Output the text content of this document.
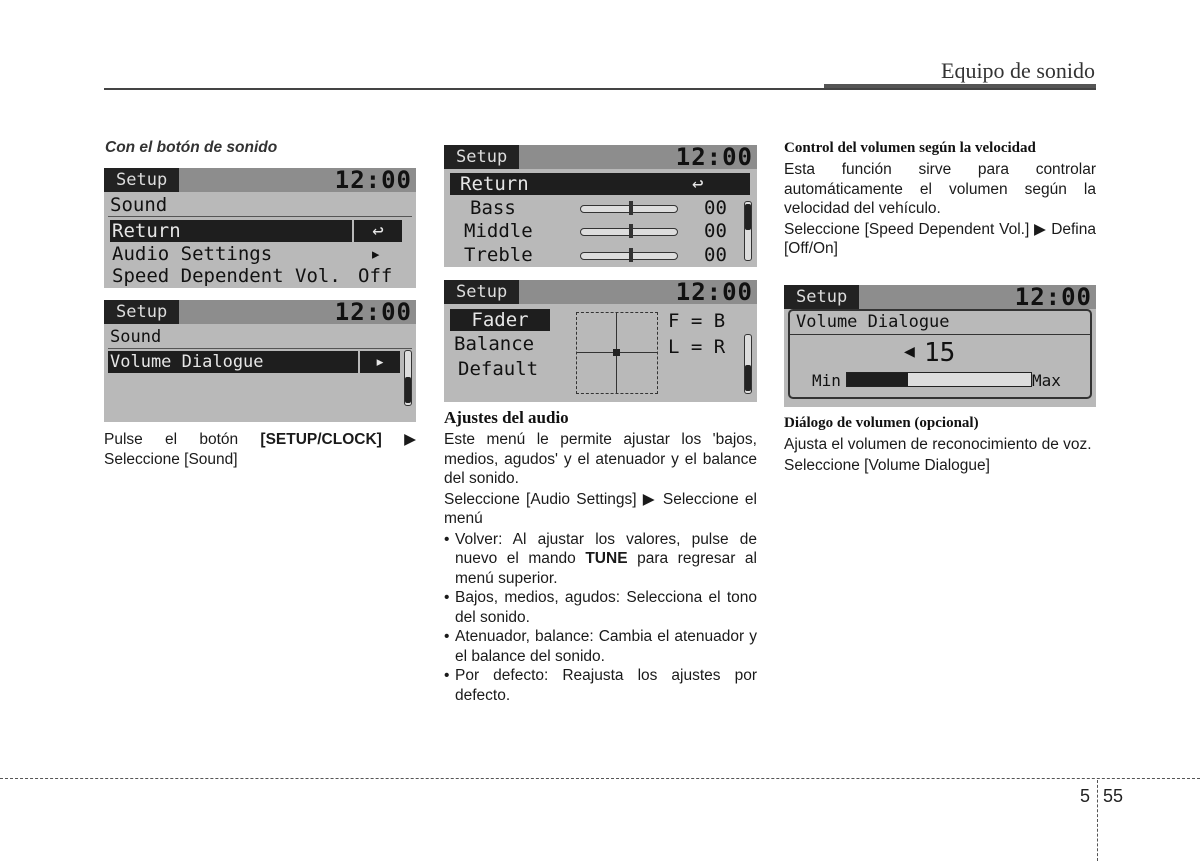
Equipo de sonido
Con el botón de sonido
Setup	12:00
Sound
Return	↩
Audio Settings	▸
Speed Dependent Vol. Off
Setup	12:00
Sound
Volume Dialogue	▸
Pulse el botón [SETUP/CLOCK] ▶ Seleccione [Sound]
Setup	12:00
Return	↩
Bass	00
Middle	00
Treble	00
Setup	12:00
Fader
Balance
Default
F = B
L = R
Ajustes del audio

Este menú le permite ajustar los 'bajos, medios, agudos' y el atenuador y el balance del sonido.

Seleccione [Audio Settings] ▶ Seleccione el menú

• Volver: Al ajustar los valores, pulse de nuevo el mando TUNE para regresar al menú superior.
• Bajos, medios, agudos: Selecciona el tono del sonido.
• Atenuador, balance: Cambia el atenuador y el balance del sonido.
• Por defecto: Reajusta los ajustes por defecto.
Control del volumen según la velocidad

Esta función sirve para controlar automáticamente el volumen según la velocidad del vehículo.

Seleccione [Speed Dependent Vol.] ▶ Defina [Off/On]

Setup	12:00
Volume Dialogue
◀ 15
Min	Max
Diálogo de volumen (opcional)

Ajusta el volumen de reconocimiento de voz.

Seleccione [Volume Dialogue]

5 55
